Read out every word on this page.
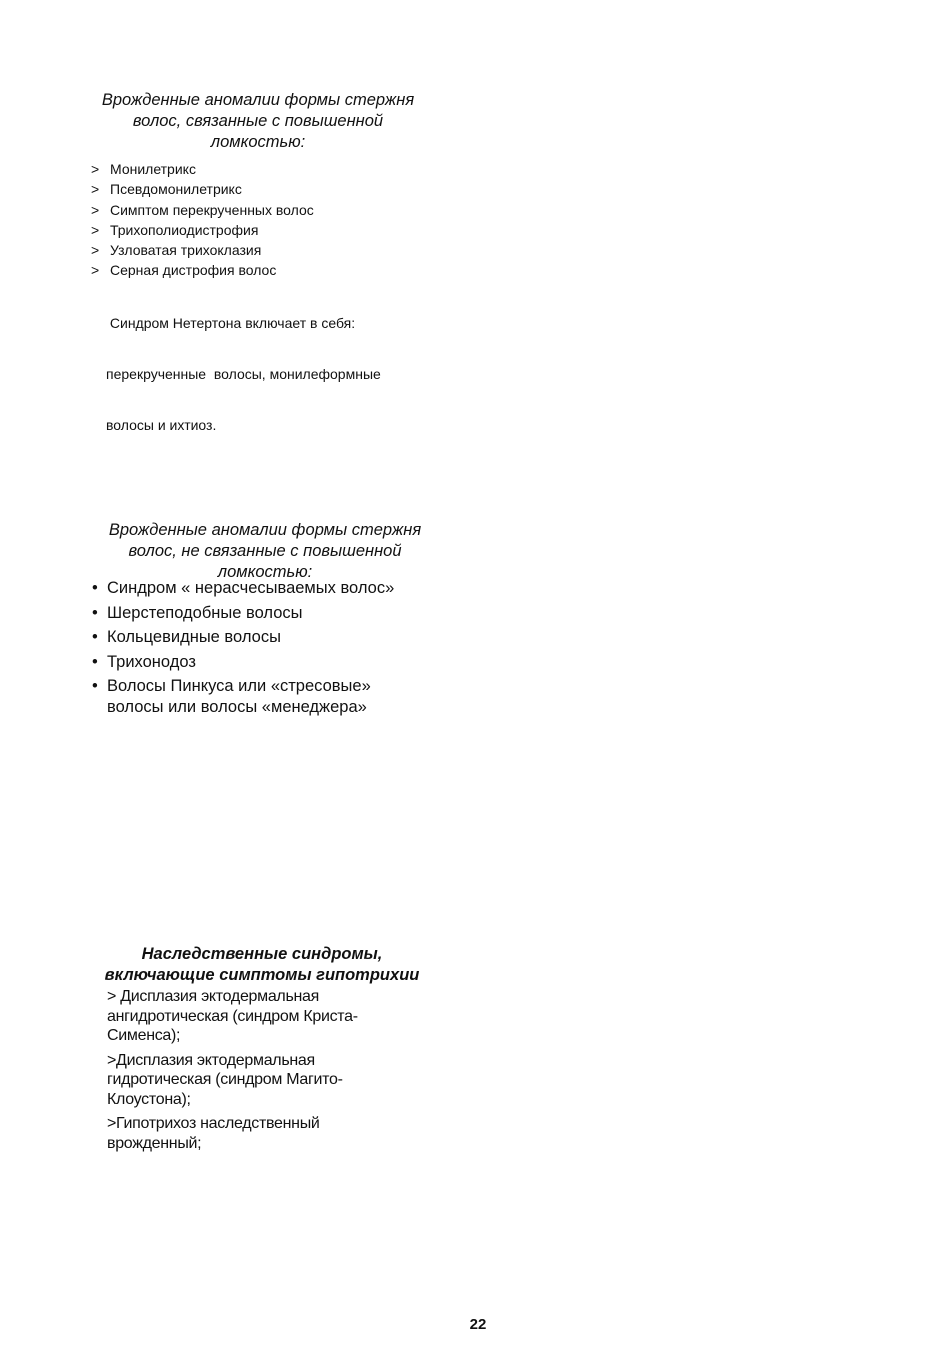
Врожденные аномалии формы стержня
волос, связанные с повышенной
ломкостью:
> Монилетрикс
> Псевдомонилетрикс
> Симптом перекрученных волос
> Трихополиодистрофия
> Узловатая трихоклазия
> Серная дистрофия волос

Синдром Нетертона включает в себя:

перекрученные  волосы, монилеформные

волосы и ихтиоз.

Врожденные аномалии формы стержня
волос, не связанные с повышенной
ломкостью:
• Синдром « нерасчесываемых волос»
• Шерстеподобные волосы
• Кольцевидные волосы
• Трихонодоз
• Волосы Пинкуса или «стресовые»
волосы или волосы «менеджера»
Наследственные синдромы,
включающие симптомы гипотрихии
> Дисплазия эктодермальная
ангидротическая (синдром Криста-
Сименса);
>Дисплазия эктодермальная
гидротическая (синдром Магито-
Клоустона);
>Гипотрихоз наследственный
врожденный;
22
